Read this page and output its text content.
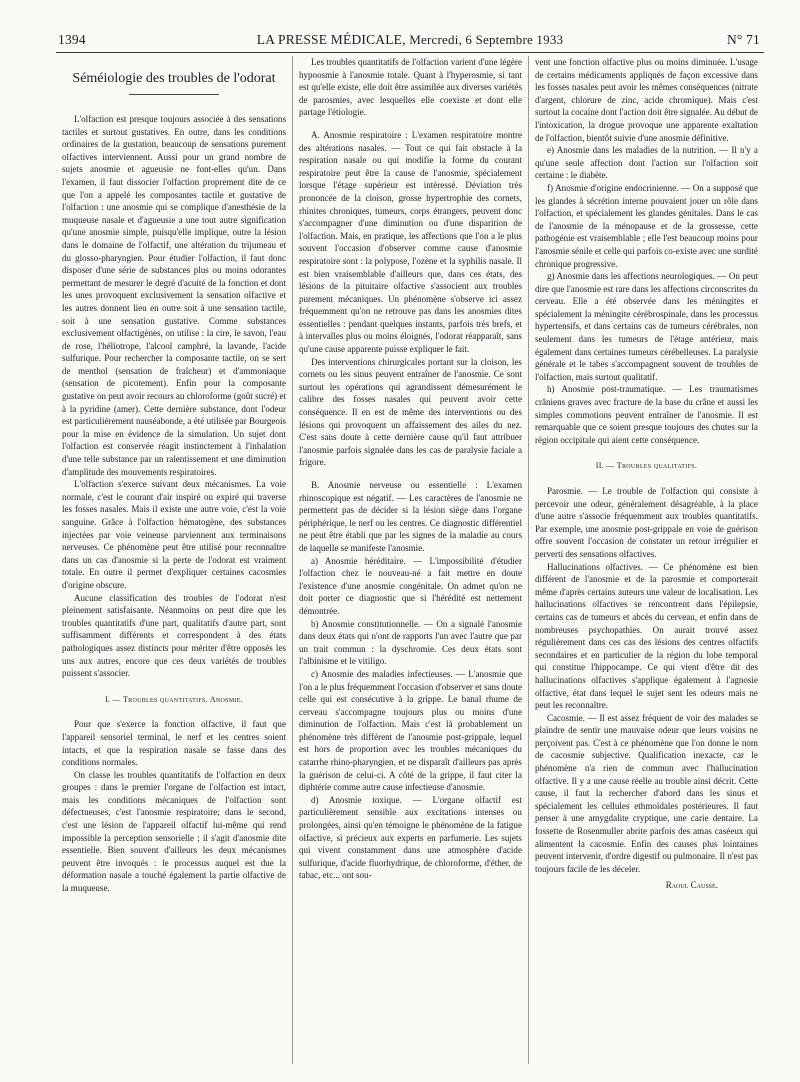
1394	LA PRESSE MÉDICALE, Mercredi, 6 Septembre 1933	N° 71
Séméiologie des troubles de l'odorat

L'olfaction est presque toujours associée à des sensations tactiles et surtout gustatives. En outre, dans les conditions ordinaires de la gustation, beaucoup de sensations purement olfactives interviennent. Aussi pour un grand nombre de sujets anosmie et agueusie ne font-elles qu'un. Dans l'examen, il faut dissocier l'olfaction proprement dite de ce que l'on a appelé les composantes tactile et gustative de l'olfaction : une anosmie qui se complique d'anesthésie de la muqueuse nasale et d'agueusie a une tout autre signification qu'une anosmie simple, puisqu'elle implique, outre la lésion dans le domaine de l'olfactif, une altération du trijumeau et du glosso-pharyngien. Pour étudier l'olfaction, il faut donc disposer d'une série de substances plus ou moins odorantes permettant de mesurer le degré d'acuité de la fonction et dont les unes provoquent exclusivement la sensation olfactive et les autres donnent lieu en outre soit à une sensation tactile, soit à une sensation gustative. Comme substances exclusivement olfactigènes, on utilise : la cire, le savon, l'eau de rose, l'héliotrope, l'alcool camphré, la lavande, l'acide sulfurique. Pour rechercher la composante tactile, on se sert de menthol (sensation de fraîcheur) et d'ammoniaque (sensation de picotement). Enfin pour la composante gustative on peut avoir recours au chloroforme (goût sucré) et à la pyridine (amer). Cette dernière substance, dont l'odeur est particulièrement nauséabonde, a été utilisée par Bourgeois pour la mise en évidence de la simulation. Un sujet dont l'olfaction est conservée réagit instinctement à l'inhalation d'une telle substance par un ralentissement et une diminution d'amplitude des mouvements respiratoires.

L'olfaction s'exerce suivant deux mécanismes. La voie normale, c'est le courant d'air inspiré ou expiré qui traverse les fosses nasales. Mais il existe une autre voie, c'est la voie sanguine. Grâce à l'olfaction hématogène, des substances injectées par voie veineuse parviennent aux terminaisons nerveuses. Ce phénomène peut être utilisé pour reconnaître dans un cas d'anosmie si la perte de l'odorat est vraiment totale. En outre il permet d'expliquer certaines cacosmies d'origine obscure.

Aucune classification des troubles de l'odorat n'est pleinement satisfaisante. Néanmoins on peut dire que les troubles quantitatifs d'une part, qualitatifs d'autre part, sont suffisamment différents et correspondent à des états pathologiques assez distincts pour mériter d'être opposés les uns aux autres, encore que ces deux variétés de troubles puissent s'associer.

I. — Troubles quantitatifs. Anosmie.

Pour que s'exerce la fonction olfactive, il faut que l'appareil sensoriel terminal, le nerf et les centres soient intacts, et que la respiration nasale se fasse dans des conditions normales.

On classe les troubles quantitatifs de l'olfaction en deux groupes : dans le premier l'organe de l'olfaction est intact, mais les conditions mécaniques de l'olfaction sont défectueuses, c'est l'anosmie respiratoire; dans le second, c'est une lésion de l'appareil olfactif lui-même qui rend impossible la perception sensorielle ; il s'agit d'anosmie dite essentielle. Bien souvent d'ailleurs les deux mécanismes peuvent être invoqués : le processus auquel est due la déformation nasale a touché également la partie olfactive de la muqueuse.

Les troubles quantitatifs de l'olfaction varient d'une légère hypoosmie à l'anosmie totale. Quant à l'hyperosmie, si tant est qu'elle existe, elle doit être assimilée aux diverses variétés de parosmies, avec lesquelles elle coexiste et dont elle partage l'étiologie.

A. Anosmie respiratoire : L'examen respiratoire montre des altérations nasales. — Tout ce qui fait obstacle à la respiration nasale ou qui modifie la forme du courant respiratoire peut être la cause de l'anosmie, spécialement lorsque l'étage supérieur est intéressé. Déviation très prononcée de la cloison, grosse hypertrophie des cornets, rhinites chroniques, tumeurs, corps étrangers, peuvent donc s'accompagner d'une diminution ou d'une disparition de l'olfaction. Mais, en pratique, les affections que l'on a le plus souvent l'occasion d'observer comme cause d'anosmie respiratoire sont : la polypose, l'ozène et la syphilis nasale. Il est bien vraisemblable d'ailleurs que, dans ces états, des lésions de la pituitaire olfactive s'associent aux troubles purement mécaniques. Un phénomène s'observe ici assez fréquemment qu'on ne retrouve pas dans les anosmies dites essentielles : pendant quelques instants, parfois très brefs, et à intervalles plus ou moins éloignés, l'odorat réapparaît, sans qu'une cause apparente puisse expliquer le fait.

Des interventions chirurgicales portant sur la cloison, les cornets ou les sinus peuvent entraîner de l'anosmie. Ce sont surtout les opérations qui agrandissent démesurément le calibre des fosses nasales qui peuvent avoir cette conséquence. Il en est de même des interventions ou des lésions qui provoquent un affaissement des ailes du nez. C'est sans doute à cette dernière cause qu'il faut attribuer l'anosmie parfois signalée dans les cas de paralysie faciale a frigore.

B. Anosmie nerveuse ou essentielle : L'examen rhinoscopique est négatif. — Les caractères de l'anosmie ne permettent pas de décider si la lésion siège dans l'organe périphérique, le nerf ou les centres. Ce diagnostic différentiel ne peut être établi que par les signes de la maladie au cours de laquelle se manifeste l'anosmie.

a) Anosmie héréditaire. — L'impossibilité d'étudier l'olfaction chez le nouveau-né a fait mettre en doute l'existence d'une anosmie congénitale. On admet qu'on ne doit porter ce diagnostic que si l'hérédité est nettement démontrée.

b) Anosmie constitutionnelle. — On a signalé l'anosmie dans deux états qui n'ont de rapports l'un avec l'autre que par un trait commun : la dyschromie. Ces deux états sont l'albinisme et le vitiligo.

c) Anosmie des maladies infectieuses. — L'anosmie que l'on a le plus fréquemment l'occasion d'observer et sans doute celle qui est consécutive à la grippe. Le banal rhume de cerveau s'accompagne toujours plus ou moins d'une diminution de l'olfaction. Mais c'est là probablement un phénomène très différent de l'anosmie post-grippale, lequel est hors de proportion avec les troubles mécaniques du catarrhe rhino-pharyngien, et ne disparaît d'ailleurs pas après la guérison de celui-ci. A côté de la grippe, il faut citer la diphtérie comme autre cause infectieuse d'anosmie.

d) Anosmie toxique. — L'organe olfactif est particulièrement sensible aux excitations intenses ou prolongées, ainsi qu'en témoigne le phénomène de la fatigue olfactive, si précieux aux experts en parfumerie. Les sujets qui vivent constamment dans une atmosphère d'acide sulfurique, d'acide fluorhydrique, de chloroforme, d'éther, de tabac, etc... ont sou-

vent une fonction olfactive plus ou moins diminuée. L'usage de certains médicaments appliqués de façon excessive dans les fosses nasales peut avoir les mêmes conséquences (nitrate d'argent, chlorure de zinc, acide chromique). Mais c'est surtout la cocaïne dont l'action doit être signalée. Au début de l'intoxication, la drogue provoque une apparente exaltation de l'olfaction, bientôt suivie d'une anosmie définitive.

e) Anosmie dans les maladies de la nutrition. — Il n'y a qu'une seule affection dont l'action sur l'olfaction soit certaine : le diabète.

f) Anosmie d'origine endocrinienne. — On a supposé que les glandes à sécrétion interne pouvaient jouer un rôle dans l'olfaction, et spécialement les glandes génitales. Dans le cas de l'anosmie de la ménopause et de la grossesse, cette pathogénie est vraisemblable ; elle l'est beaucoup moins pour l'anosmie sénile et celle qui parfois co-existe avec une surdité chronique progressive.

g) Anosmie dans les affections neurologiques. — On peut dire que l'anosmie est rare dans les affections circonscrites du cerveau. Elle a été observée dans les méningites et spécialement la méningite cérébrospinale, dans les processus hypertensifs, et dans certains cas de tumeurs cérébrales, non seulement dans les tumeurs de l'étage antérieur, mais également dans certaines tumeurs cérébelleuses. La paralysie générale et le tabes s'accompagnent souvent de troubles de l'olfaction, mais surtout qualitatif.

h) Anosmie post-traumatique. — Les traumatismes crâniens graves avec fracture de la base du crâne et aussi les simples commotions peuvent entraîner de l'anosmie. Il est remarquable que ce soient presque toujours des chutes sur la région occipitale qui aient cette conséquence.

II. — Troubles qualitatifs.

Parosmie. — Le trouble de l'olfaction qui consiste à percevoir une odeur, généralement désagréable, à la place d'une autre s'associe fréquemment aux troubles quantitatifs. Par exemple, une anosmie post-grippale en voie de guérison offre souvent l'occasion de constater un retour irrégulier et perverti des sensations olfactives.

Hallucinations olfactives. — Ce phénomène est bien différent de l'anosmie et de la parosmie et comporterait même d'après certains auteurs une valeur de localisation. Les hallucinations olfactives se rencontrent dans l'épilepsie, certains cas de tumeurs et abcès du cerveau, et enfin dans de nombreuses psychopathies. On aurait trouvé assez régulièrement dans ces cas des lésions des centres olfactifs secondaires et en particulier de la région du lobe temporal qui constitue l'hippocampe. Ce qui vient d'être dit des hallucinations olfactives s'applique également à l'agnosie olfactive, état dans lequel le sujet sent les odeurs mais ne peut les reconnaître.

Cacosmie. — Il est assez fréquent de voir des malades se plaindre de sentir une mauvaise odeur que leurs voisins ne perçoivent pas. C'est à ce phénomène que l'on donne le nom de cacosmie subjective. Qualification inexacte, car le phénomène n'a rien de commun avec l'hallucination olfactive. Il y a une cause réelle au trouble ainsi décrit. Cette cause, il faut la rechercher d'abord dans les sinus et spécialement les cellules ethmoïdales postérieures. Il faut penser à une amygdalite cryptique, une carie dentaire. La fossette de Rosenmuller abrite parfois des amas caséeux qui alimentent la cacosmie. Enfin des causes plus lointaines peuvent intervenir, d'ordre digestif ou pulmonaire. Il n'est pas toujours facile de les déceler.

Raoul Caussé.
